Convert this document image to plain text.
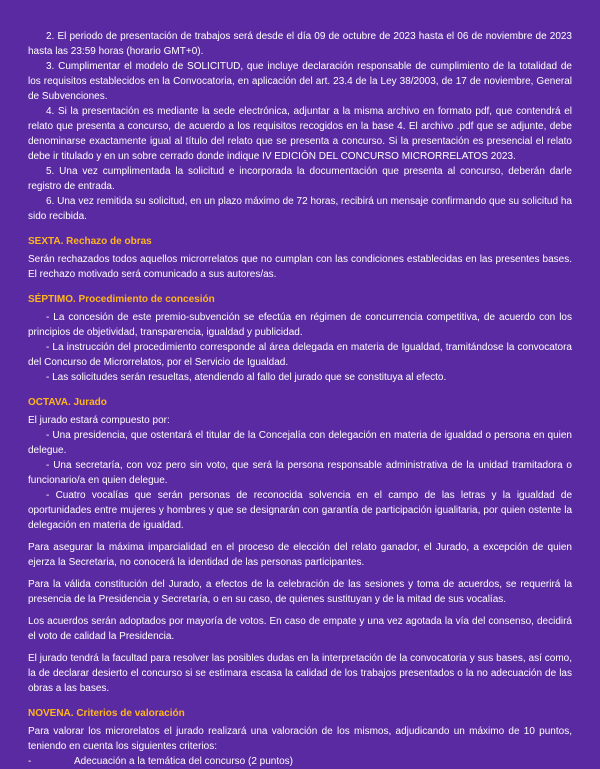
2. El periodo de presentación de trabajos será desde el día 09 de octubre de 2023 hasta el 06 de noviembre de 2023 hasta las 23:59 horas (horario GMT+0).

3. Cumplimentar el modelo de SOLICITUD, que incluye declaración responsable de cumplimiento de la totalidad de los requisitos establecidos en la Convocatoria, en aplicación del art. 23.4 de la Ley 38/2003, de 17 de noviembre, General de Subvenciones.

4. Si la presentación es mediante la sede electrónica, adjuntar a la misma archivo en formato pdf, que contendrá el relato que presenta a concurso, de acuerdo a los requisitos recogidos en la base 4. El archivo .pdf que se adjunte, debe denominarse exactamente igual al título del relato que se presenta a concurso. Si la presentación es presencial el relato debe ir titulado y en un sobre cerrado donde indique IV EDICIÓN DEL CONCURSO MICRORRELATOS 2023.

5. Una vez cumplimentada la solicitud e incorporada la documentación que presenta al concurso, deberán darle registro de entrada.

6. Una vez remitida su solicitud, en un plazo máximo de 72 horas, recibirá un mensaje confirmando que su solicitud ha sido recibida.

SEXTA. Rechazo de obras

Serán rechazados todos aquellos microrrelatos que no cumplan con las condiciones establecidas en las presentes bases. El rechazo motivado será comunicado a sus autores/as.

SÉPTIMO. Procedimiento de concesión

- La concesión de este premio-subvención se efectúa en régimen de concurrencia competitiva, de acuerdo con los principios de objetividad, transparencia, igualdad y publicidad.

- La instrucción del procedimiento corresponde al área delegada en materia de Igualdad, tramitándose la convocatora del Concurso de Microrrelatos, por el Servicio de Igualdad.

- Las solicitudes serán resueltas, atendiendo al fallo del jurado que se constituya al efecto.

OCTAVA. Jurado

El jurado estará compuesto por:

- Una presidencia, que ostentará el titular de la Concejalía con delegación en materia de igualdad o persona en quien delegue.

- Una secretaría, con voz pero sin voto, que será la persona responsable administrativa de la unidad tramitadora o funcionario/a en quien delegue.

- Cuatro vocalías que serán personas de reconocida solvencia en el campo de las letras y la igualdad de oportunidades entre mujeres y hombres y que se designarán con garantía de participación igualitaria, por quien ostente la delegación en materia de igualdad.

Para asegurar la máxima imparcialidad en el proceso de elección del relato ganador, el Jurado, a excepción de quien ejerza la Secretaria, no conocerá la identidad de las personas participantes.

Para la válida constitución del Jurado, a efectos de la celebración de las sesiones y toma de acuerdos, se requerirá la presencia de la Presidencia y Secretaría, o en su caso, de quienes sustituyan y de la mitad de sus vocalías.

Los acuerdos serán adoptados por mayoría de votos. En caso de empate y una vez agotada la vía del consenso, decidirá el voto de calidad la Presidencia.

El jurado tendrá la facultad para resolver las posibles dudas en la interpretación de la convocatoria y sus bases, así como, la de declarar desierto el concurso si se estimara escasa la calidad de los trabajos presentados o la no adecuación de las obras a las bases.

NOVENA. Criterios de valoración

Para valorar los microrelatos el jurado realizará una valoración de los mismos, adjudicando un máximo de 10 puntos, teniendo en cuenta los siguientes criterios:

-	Adecuación a la temática del concurso (2 puntos)
